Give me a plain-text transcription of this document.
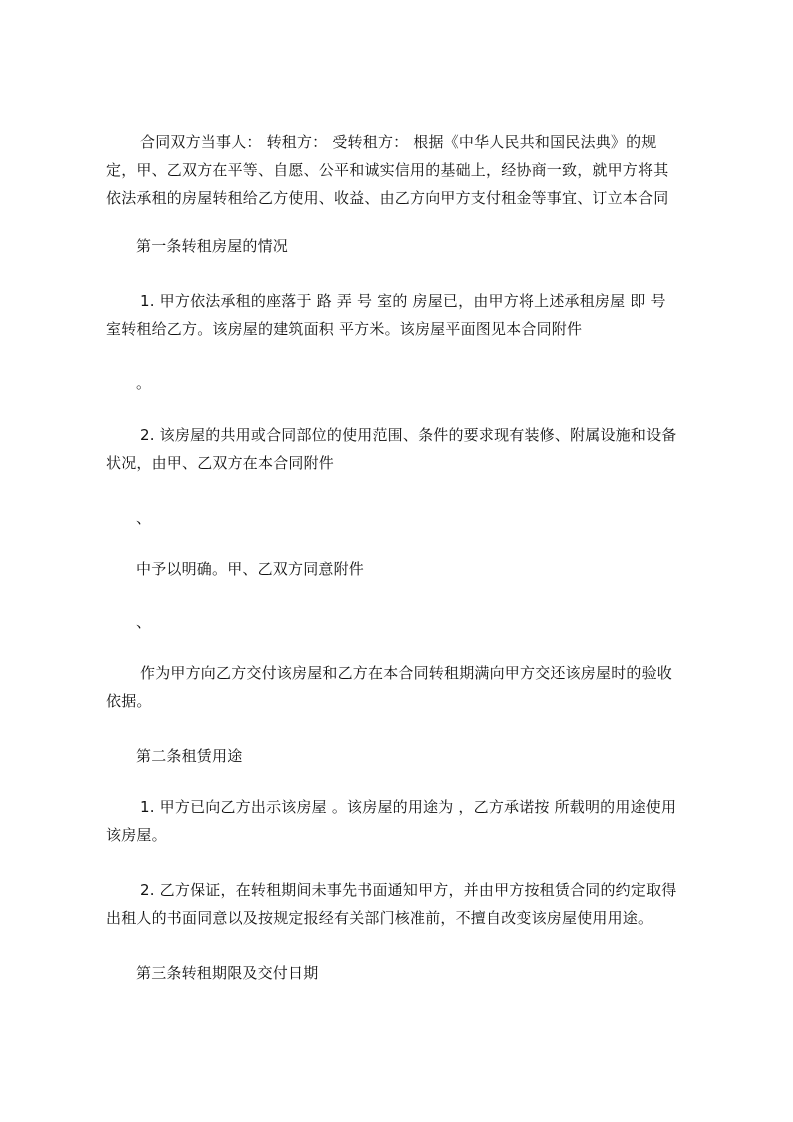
合同双方当事人： 转租方： 受转租方： 根据《中华人民共和国民法典》的规
定，甲、乙双方在平等、自愿、公平和诚实信用的基础上，经协商一致，就甲方将其
依法承租的房屋转租给乙方使用、收益、由乙方向甲方支付租金等事宜、订立本合同
第一条转租房屋的情况
1. 甲方依法承租的座落于 路 弄 号 室的 房屋已，由甲方将上述承租房屋 即 号
室转租给乙方。该房屋的建筑面积 平方米。该房屋平面图见本合同附件
。
2. 该房屋的共用或合同部位的使用范围、条件的要求现有装修、附属设施和设备
状况，由甲、乙双方在本合同附件
、
中予以明确。甲、乙双方同意附件
、
作为甲方向乙方交付该房屋和乙方在本合同转租期满向甲方交还该房屋时的验收
依据。
第二条租赁用途
1. 甲方已向乙方出示该房屋 。该房屋的用途为 ，乙方承诺按 所载明的用途使用
该房屋。
2. 乙方保证，在转租期间未事先书面通知甲方，并由甲方按租赁合同的约定取得
出租人的书面同意以及按规定报经有关部门核准前，不擅自改变该房屋使用用途。
第三条转租期限及交付日期
